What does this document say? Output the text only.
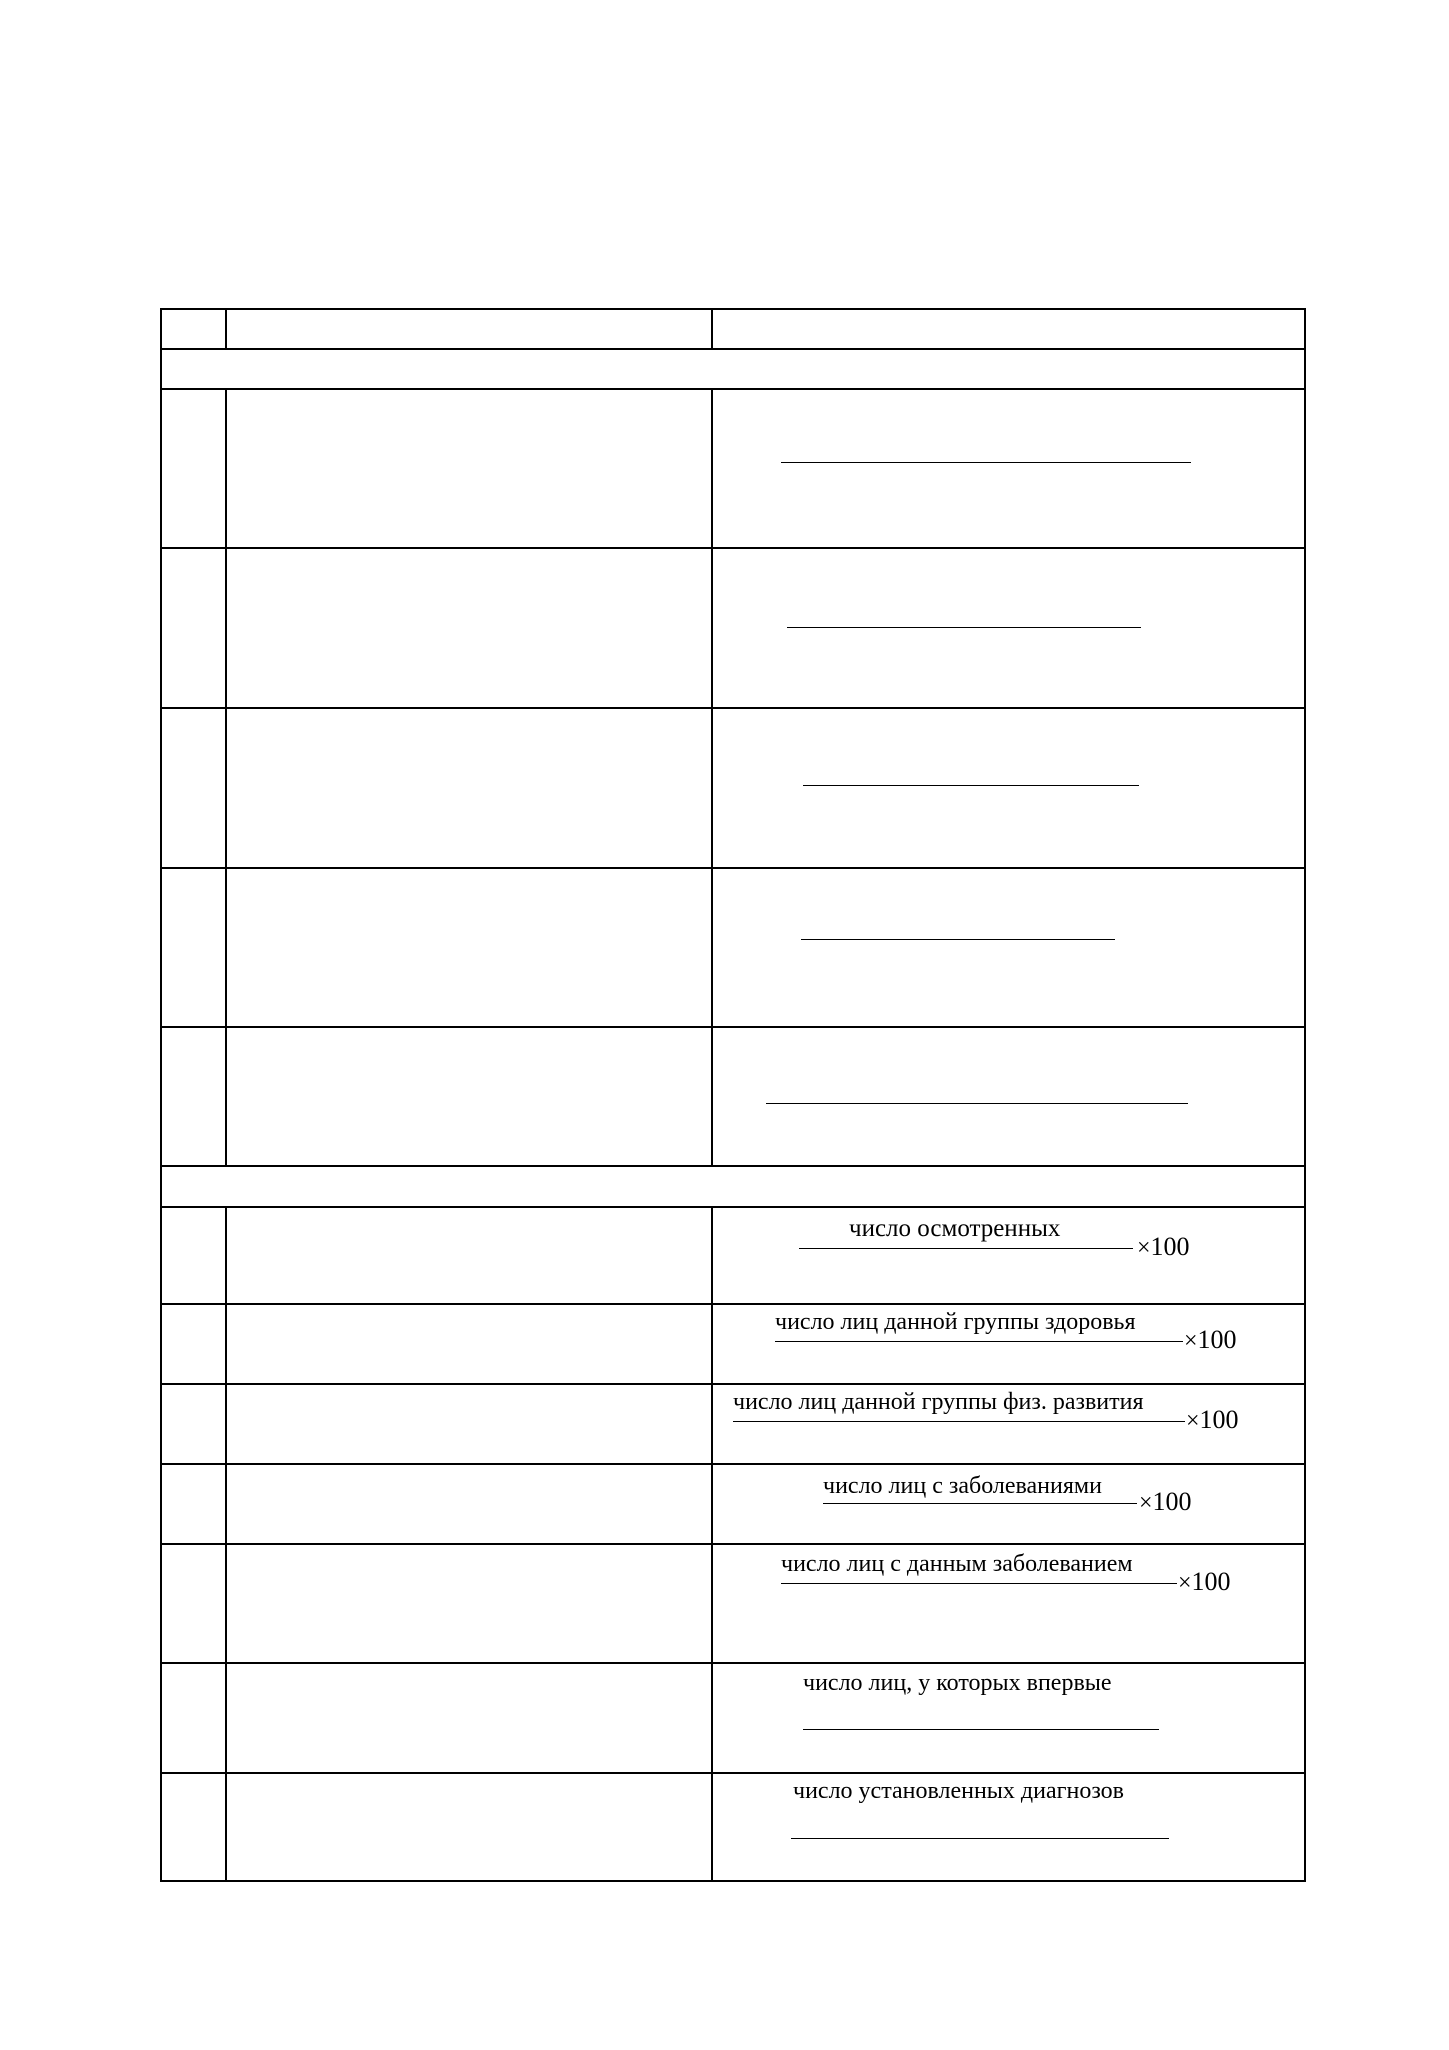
		число осмотренных
×100

		число лиц данной группы здоровья
×100

		число лиц данной группы физ. развития
×100

		число лиц с заболеваниями
×100

		число лиц с данным заболеванием
×100

		число лиц, у которых впервые

		число установленных диагнозов
